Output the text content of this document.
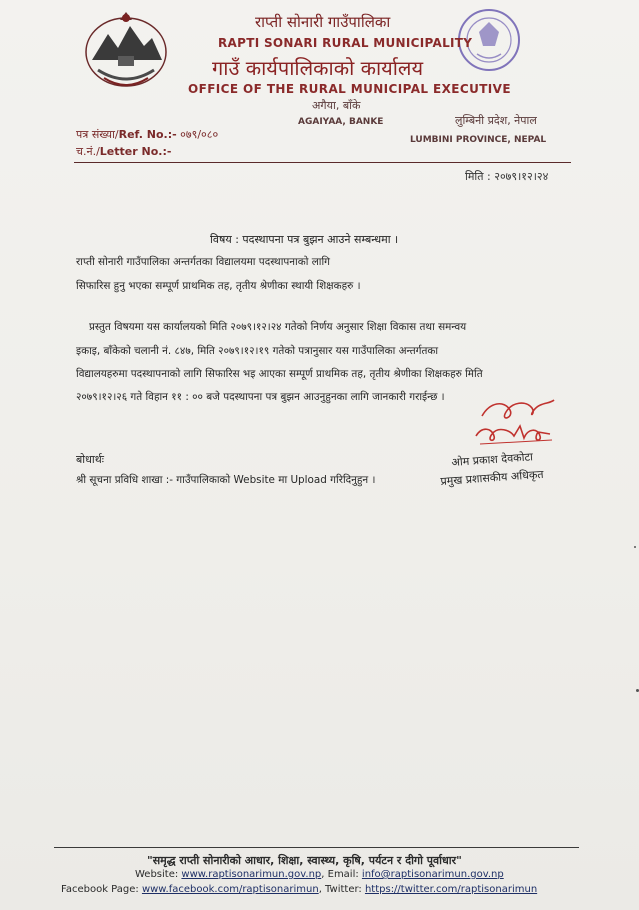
राप्ती सोनारी गाउँपालिका
RAPTI SONARI RURAL MUNICIPALITY
गाउँ कार्यपालिकाको कार्यालय
OFFICE OF THE RURAL MUNICIPAL EXECUTIVE
अगैया, बाँके
AGAIYAA, BANKE	लुम्बिनी प्रदेश, नेपाल
LUMBINI PROVINCE, NEPAL
पत्र संख्या/Ref. No.:- ०७९/०८०
च.नं./Letter No.:-
मिति : २०७९।१२।२४
विषय : पदस्थापना पत्र बुझन आउने सम्बन्धमा ।
राप्ती सोनारी गाउँपालिका अन्तर्गतका विद्यालयमा पदस्थापनाको लागि
सिफारिस हुनु भएका सम्पूर्ण प्राथमिक तह, तृतीय श्रेणीका स्थायी शिक्षकहरु ।
प्रस्तुत विषयमा यस कार्यालयको मिति २०७९।१२।२४ गतेको निर्णय अनुसार शिक्षा विकास तथा समन्वय
इकाइ, बाँकेको चलानी नं. ८४७, मिति २०७९।१२।१९ गतेको पत्रानुसार यस गाउँपालिका अन्तर्गतका
विद्यालयहरुमा पदस्थापनाको लागि सिफारिस भइ आएका सम्पूर्ण प्राथमिक तह, तृतीय श्रेणीका शिक्षकहरु मिति
२०७९।१२।२६ गते विहान ११ : ०० बजे पदस्थापना पत्र बुझन आउनुहुनका लागि जानकारी गराईन्छ ।
बोधार्थः
श्री सूचना प्रविधि शाखा :- गाउँपालिकाको Website मा Upload गरिदिनुहुन ।
ओम प्रकाश देवकोटा
प्रमुख प्रशासकीय अधिकृत
"समृद्ध राप्ती सोनारीको आधार, शिक्षा, स्वास्थ्य, कृषि, पर्यटन र दीगो पूर्वाधार"
Website: www.raptisonarimun.gov.np, Email: info@raptisonarimun.gov.np
Facebook Page: www.facebook.com/raptisonarimun, Twitter: https://twitter.com/raptisonarimun
